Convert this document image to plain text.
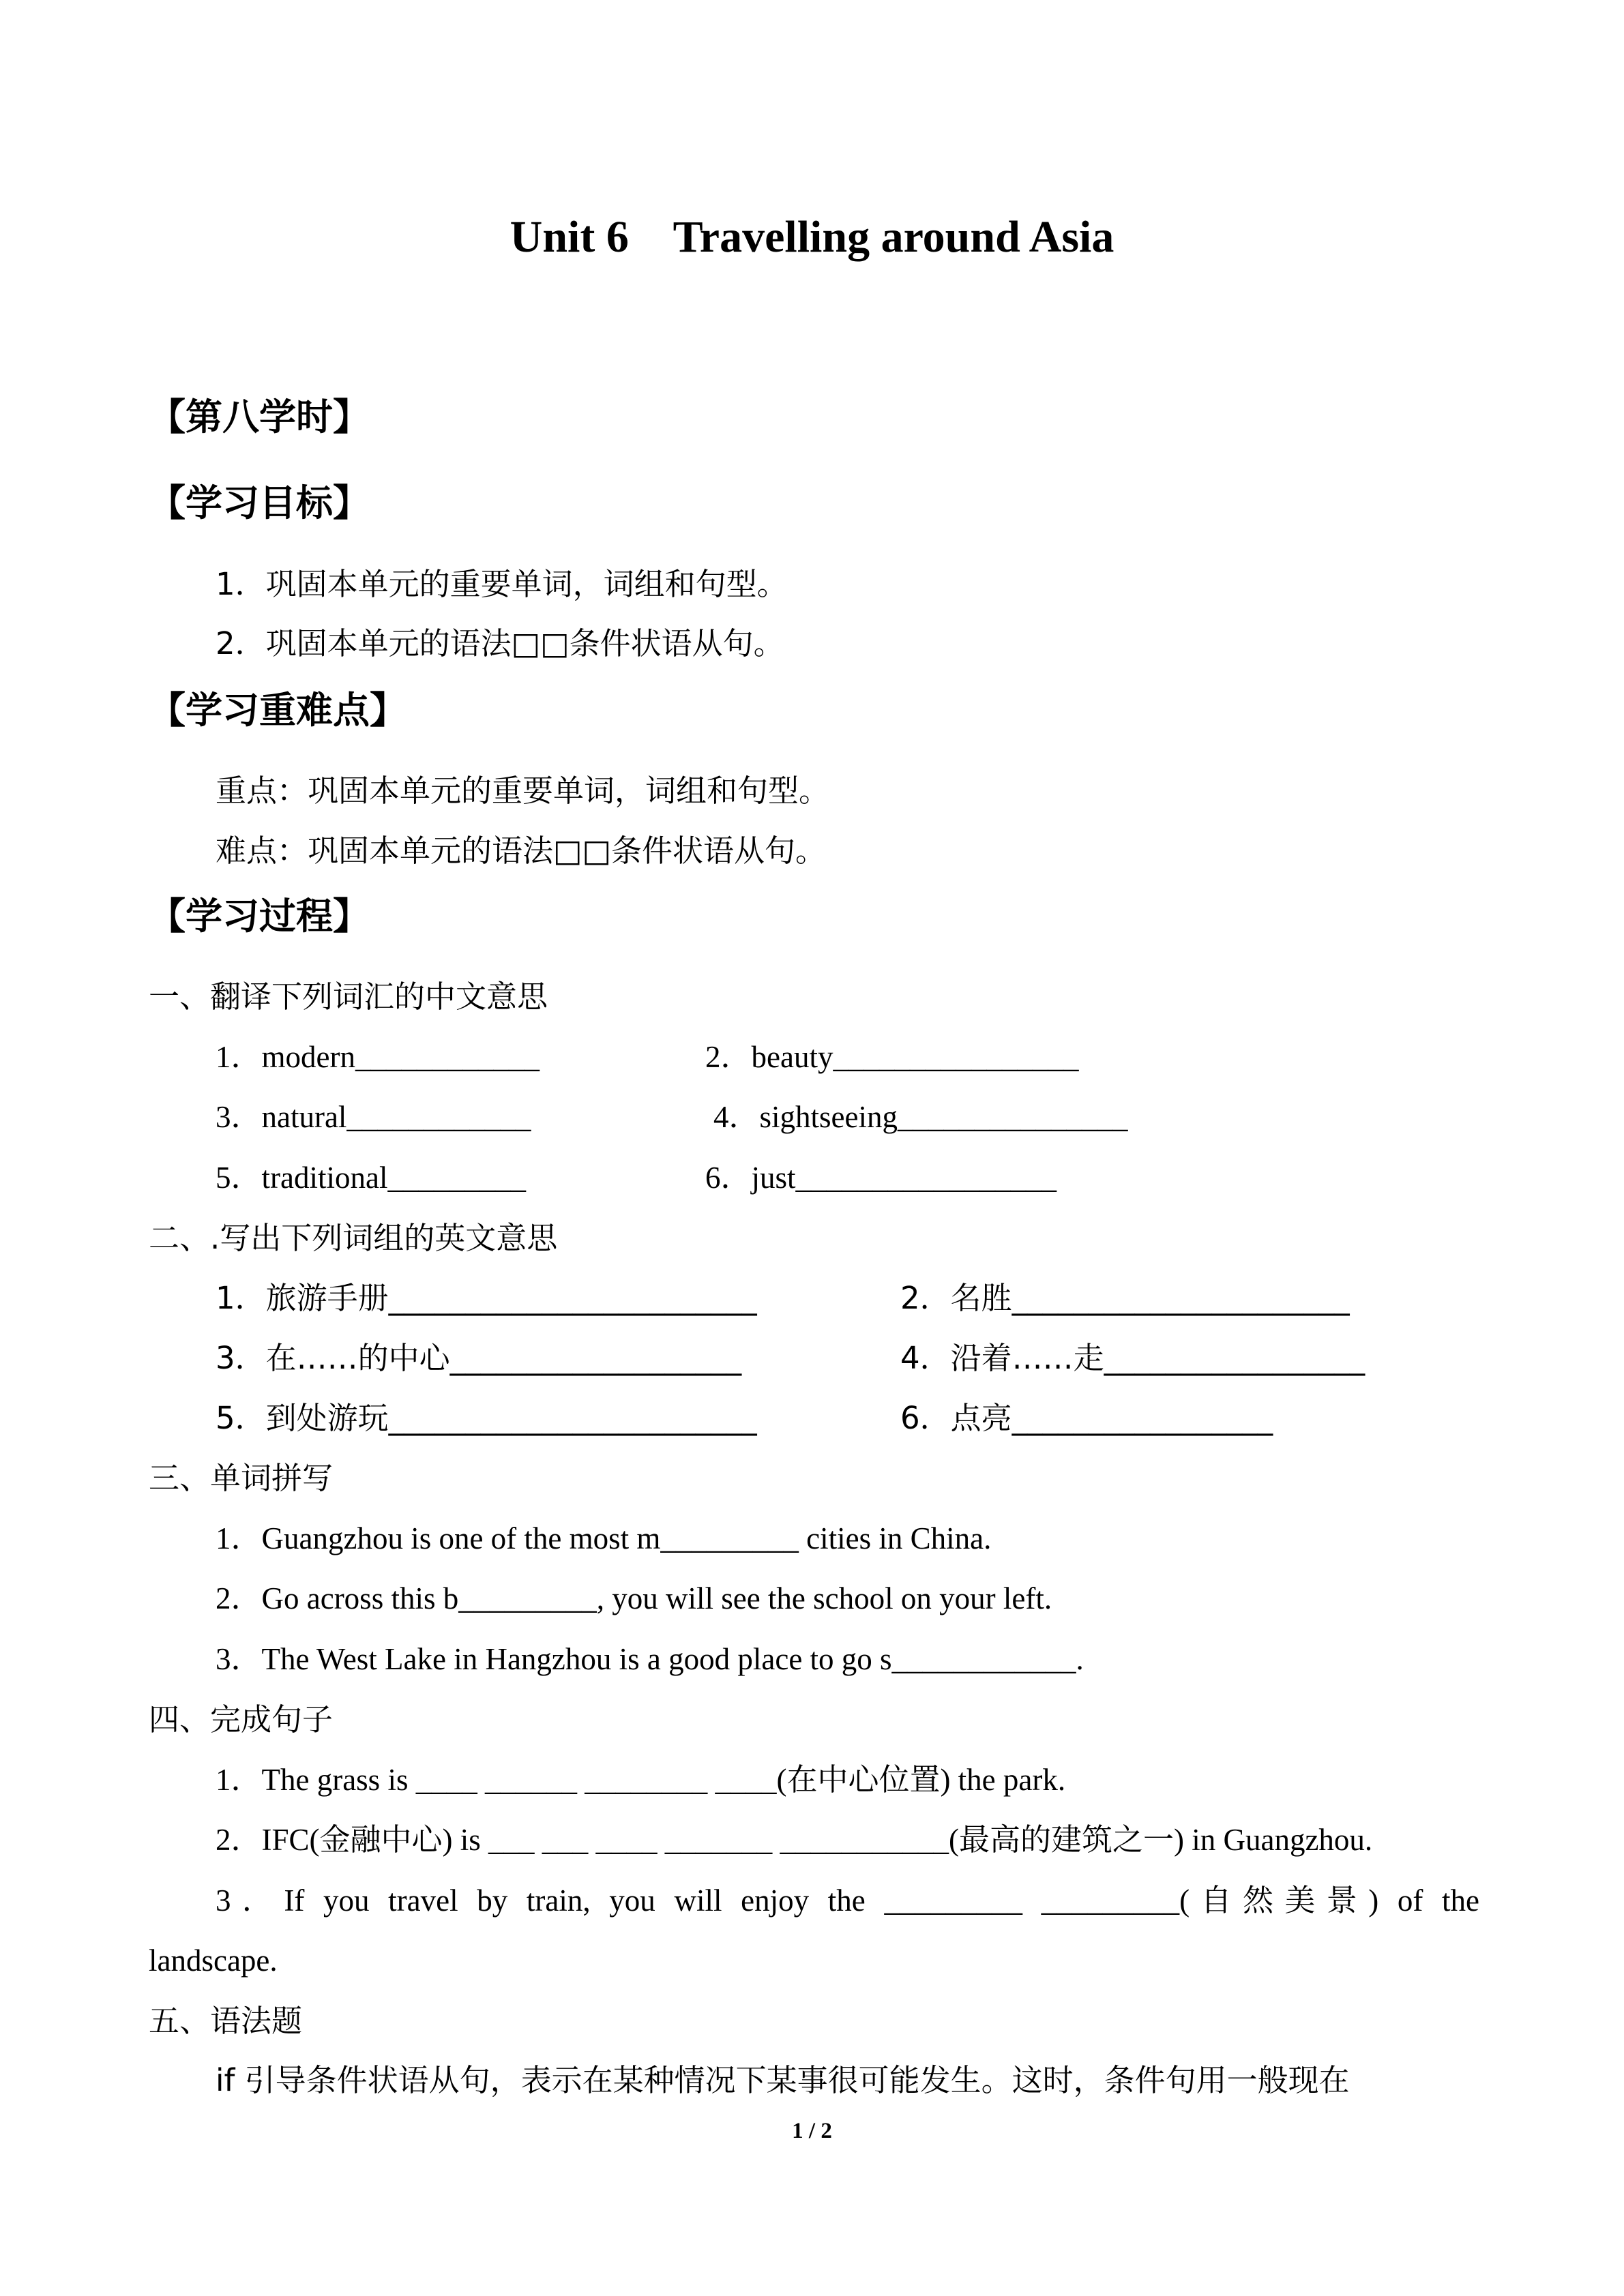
Unit 6    Travelling around Asia
【第八学时】
【学习目标】
1．巩固本单元的重要单词，词组和句型。
2．巩固本单元的语法□□条件状语从句。
【学习重难点】
重点：巩固本单元的重要单词，词组和句型。
难点：巩固本单元的语法□□条件状语从句。
【学习过程】
一、翻译下列词汇的中文意思
1．modern____________	2．beauty________________
3．natural____________	4．sightseeing_______________
5．traditional_________	6．just_________________
二、.写出下列词组的英文意思
1．旅游手册________________________	2．名胜______________________
3．在……的中心___________________	4．沿着……走_________________
5．到处游玩________________________	6．点亮_________________
三、单词拼写
1．Guangzhou is one of the most m_________ cities in China.
2．Go across this b_________, you will see the school on your left.
3．The West Lake in Hangzhou is a good place to go s____________.
四、完成句子
1．The grass is ____ ______ ________ ____(在中心位置) the park.
2．IFC(金融中心) is ___ ___ ____ _______ ___________(最高的建筑之一) in Guangzhou.
3．If you travel by train, you will enjoy the _________ _________(自然美景) of the
landscape.
五、语法题
if 引导条件状语从句，表示在某种情况下某事很可能发生。这时，条件句用一般现在
1 / 2
